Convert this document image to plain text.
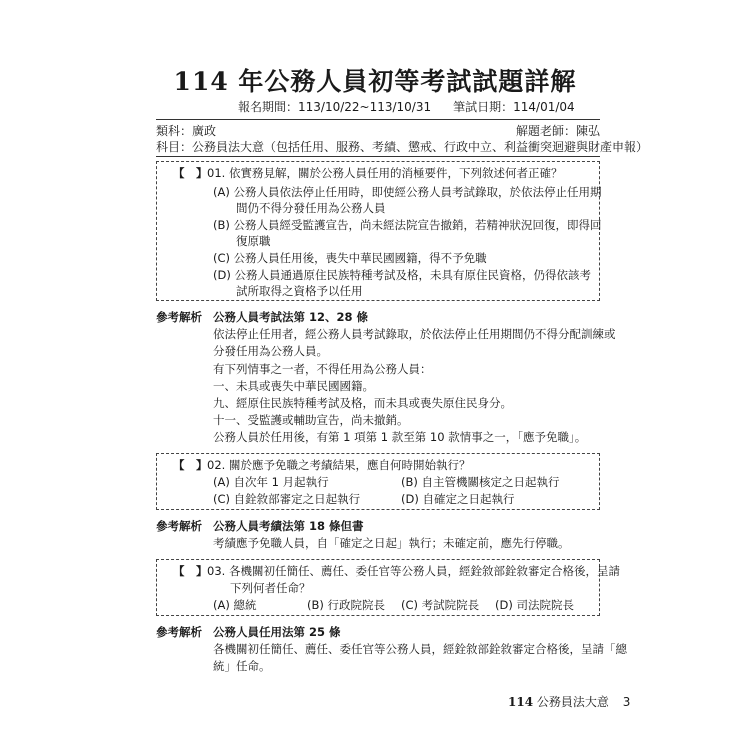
114 年公務人員初等考試試題詳解
報名期間：113/10/22~113/10/31 筆試日期：114/01/04
類科：廣政	解題老師：陳弘
科目：公務員法大意（包括任用、服務、考績、懲戒、行政中立、利益衝突迴避與財產申報）
【　】 01. 依實務見解，關於公務人員任用的消極要件，下列敘述何者正確？
(A) 公務人員依法停止任用時，即使經公務人員考試錄取，於依法停止任用期
　　間仍不得分發任用為公務人員
(B) 公務人員經受監護宣告，尚未經法院宣告撤銷，若精神狀況回復，即得回
　　復原職
(C) 公務人員任用後，喪失中華民國國籍，得不予免職
(D) 公務人員通過原住民族特種考試及格，未具有原住民資格，仍得依該考
　　試所取得之資格予以任用
參考解析 公務人員考試法第 12、28 條
依法停止任用者，經公務人員考試錄取，於依法停止任用期間仍不得分配訓練或
分發任用為公務人員。
有下列情事之一者，不得任用為公務人員：
一、未具或喪失中華民國國籍。
九、經原住民族特種考試及格，而未具或喪失原住民身分。
十一、受監護或輔助宣告，尚未撤銷。
公務人員於任用後，有第 1 項第 1 款至第 10 款情事之一，「應予免職」。
【　】 02. 關於應予免職之考績結果，應自何時開始執行？
(A) 自次年 1 月起執行	(B) 自主管機關核定之日起執行
(C) 自銓敘部審定之日起執行	(D) 自確定之日起執行
參考解析 公務人員考績法第 18 條但書
考績應予免職人員，自「確定之日起」執行；未確定前，應先行停職。
【　】 03. 各機關初任簡任、薦任、委任官等公務人員，經銓敘部銓敘審定合格後，呈請
　　下列何者任命？
(A) 總統	(B) 行政院院長 (C) 考試院院長 (D) 司法院院長
參考解析 公務人員任用法第 25 條
各機關初任簡任、薦任、委任官等公務人員，經銓敘部銓敘審定合格後，呈請「總
統」任命。
114 公務員法大意 3
